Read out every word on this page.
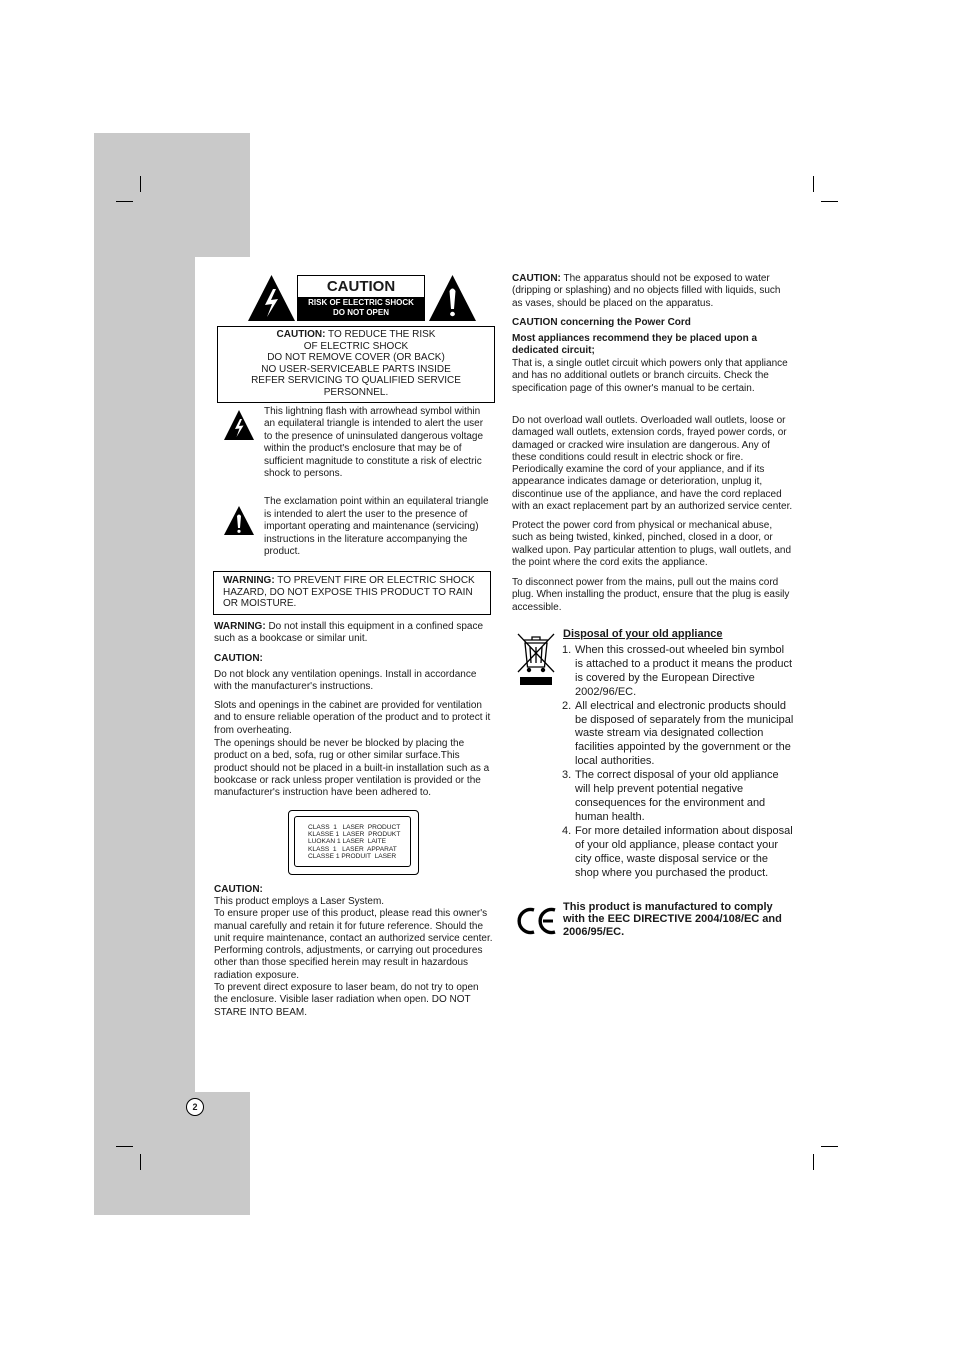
2
CAUTION
RISK OF ELECTRIC SHOCK
DO NOT OPEN
CAUTION: TO REDUCE THE RISK
OF ELECTRIC SHOCK
DO NOT REMOVE COVER (OR BACK)
NO USER-SERVICEABLE PARTS INSIDE
REFER SERVICING TO QUALIFIED SERVICE
PERSONNEL.

This lightning flash with arrowhead symbol within an equilateral triangle is intended to alert the user to the presence of uninsulated dangerous voltage within the product's enclosure that may be of sufficient magnitude to constitute a risk of electric shock to persons.

The exclamation point within an equilateral triangle is intended to alert the user to the presence of important operating and maintenance (servicing) instructions in the literature accompanying the product.

WARNING: TO PREVENT FIRE OR ELECTRIC SHOCK HAZARD, DO NOT EXPOSE THIS PRODUCT TO RAIN OR MOISTURE.

WARNING: Do not install this equipment in a confined space such as a bookcase or similar unit.

CAUTION:

Do not block any ventilation openings. Install in accordance with the manufacturer's instructions.

Slots and openings in the cabinet are provided for ventilation and to ensure reliable operation of the product and to protect it from overheating.

The openings should be never be blocked by placing the product on a bed, sofa, rug or other similar surface.This product should not be placed in a built-in installation such as a bookcase or rack unless proper ventilation is provided or the manufacturer's instruction have been adhered to.

CLASS  1   LASER  PRODUCT
KLASSE 1  LASER  PRODUKT
LUOKAN 1 LASER  LAITE
KLASS  1   LASER  APPARAT
CLASSE 1 PRODUIT  LASER

CAUTION:

This product employs a Laser System.

To ensure proper use of this product, please read this owner's manual carefully and retain it for future reference. Should the unit require maintenance, contact an authorized service center.

Performing controls, adjustments, or carrying out procedures other than those specified herein may result in hazardous radiation exposure.

To prevent direct exposure to laser beam, do not try to open the enclosure. Visible laser radiation when open. DO NOT STARE INTO BEAM.

CAUTION: The apparatus should not be exposed to water (dripping or splashing) and no objects filled with liquids, such as vases, should be placed on the apparatus.

CAUTION concerning the Power Cord

Most appliances recommend they be placed upon a dedicated circuit;

That is, a single outlet circuit which powers only that appliance and has no additional outlets or branch circuits. Check the specification page of this owner's manual to be certain.

Do not overload wall outlets. Overloaded wall outlets, loose or damaged wall outlets, extension cords, frayed power cords, or damaged or cracked wire insulation are dangerous. Any of these conditions could result in electric shock or fire. Periodically examine the cord of your appliance, and if its appearance indicates damage or deterioration, unplug it, discontinue use of the appliance, and have the cord replaced with an exact replacement part by an authorized service center.

Protect the power cord from physical or mechanical abuse, such as being twisted, kinked, pinched, closed in a door, or walked upon. Pay particular attention to plugs, wall outlets, and the point where the cord exits the appliance.

To disconnect power from the mains, pull out the mains cord plug. When installing the product, ensure that the plug is easily accessible.

Disposal of your old appliance

1. When this crossed-out wheeled bin symbol is attached to a product it means the product is covered by the European Directive 2002/96/EC.
2. All electrical and electronic products should be disposed of separately from the municipal waste stream via designated collection facilities appointed by the government or the local authorities.
3. The correct disposal of your old appliance will help prevent potential negative consequences for the environment and human health.
4. For more detailed information about disposal of your old appliance, please contact your city office, waste disposal service or the shop where you purchased the product.

This product is manufactured to comply with the EEC DIRECTIVE 2004/108/EC and 2006/95/EC.
